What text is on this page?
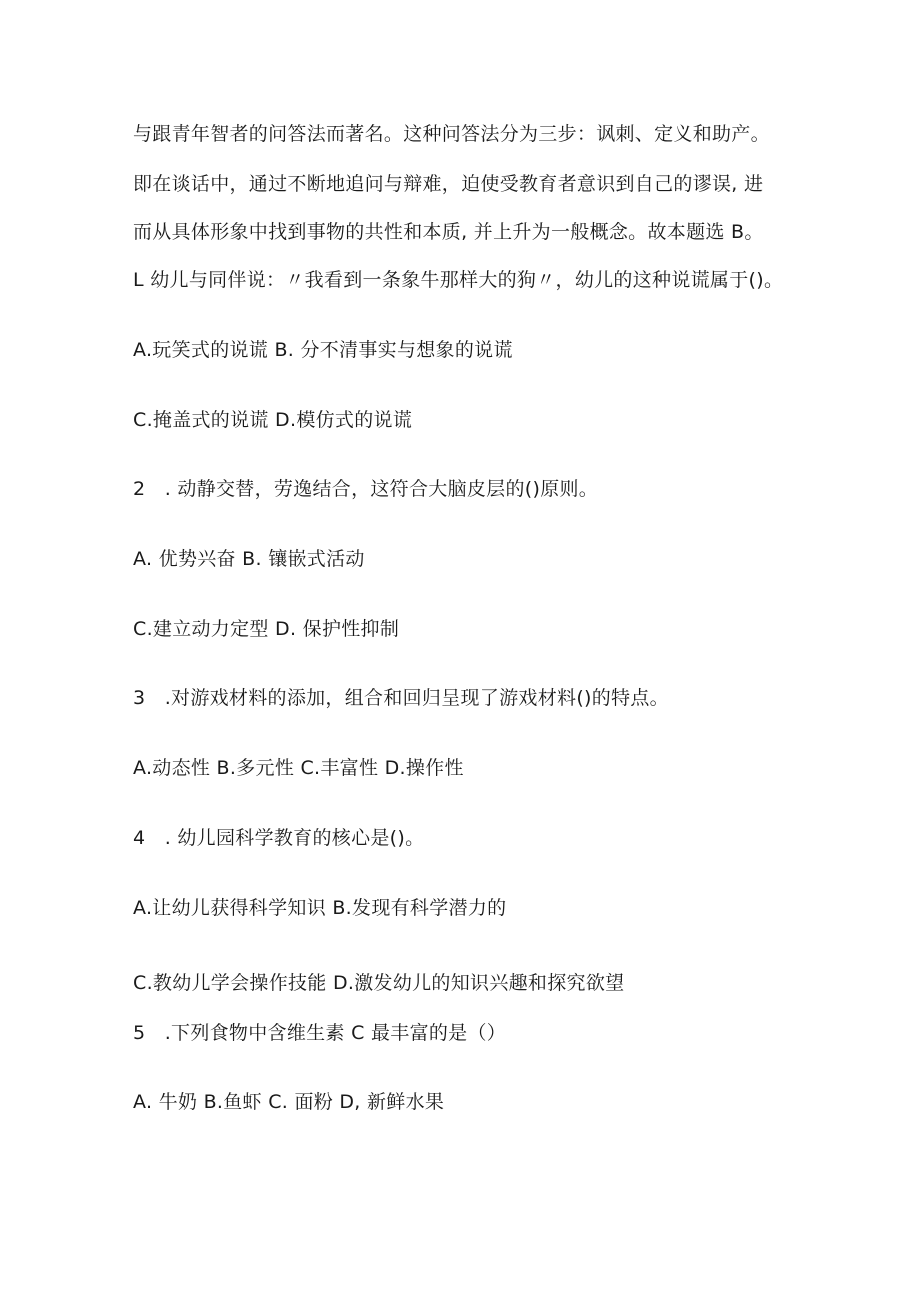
与跟青年智者的问答法而著名。这种问答法分为三步：讽刺、定义和助产。
即在谈话中，通过不断地追问与辩难，迫使受教育者意识到自己的谬误, 进
而从具体形象中找到事物的共性和本质, 并上升为一般概念。故本题选 B。
L 幼儿与同伴说：〃我看到一条象牛那样大的狗〃，幼儿的这种说谎属于()。
A.玩笑式的说谎 B. 分不清事实与想象的说谎
C.掩盖式的说谎 D.模仿式的说谎
2　. 动静交替，劳逸结合，这符合大脑皮层的()原则。
A. 优势兴奋 B. 镶嵌式活动
C.建立动力定型 D. 保护性抑制
3　.对游戏材料的添加，组合和回归呈现了游戏材料()的特点。
A.动态性 B.多元性 C.丰富性 D.操作性
4　. 幼儿园科学教育的核心是()。
A.让幼儿获得科学知识 B.发现有科学潜力的
C.教幼儿学会操作技能 D.激发幼儿的知识兴趣和探究欲望
5　.下列食物中含维生素 C 最丰富的是（）
A. 牛奶 B.鱼虾 C. 面粉 D, 新鲜水果
